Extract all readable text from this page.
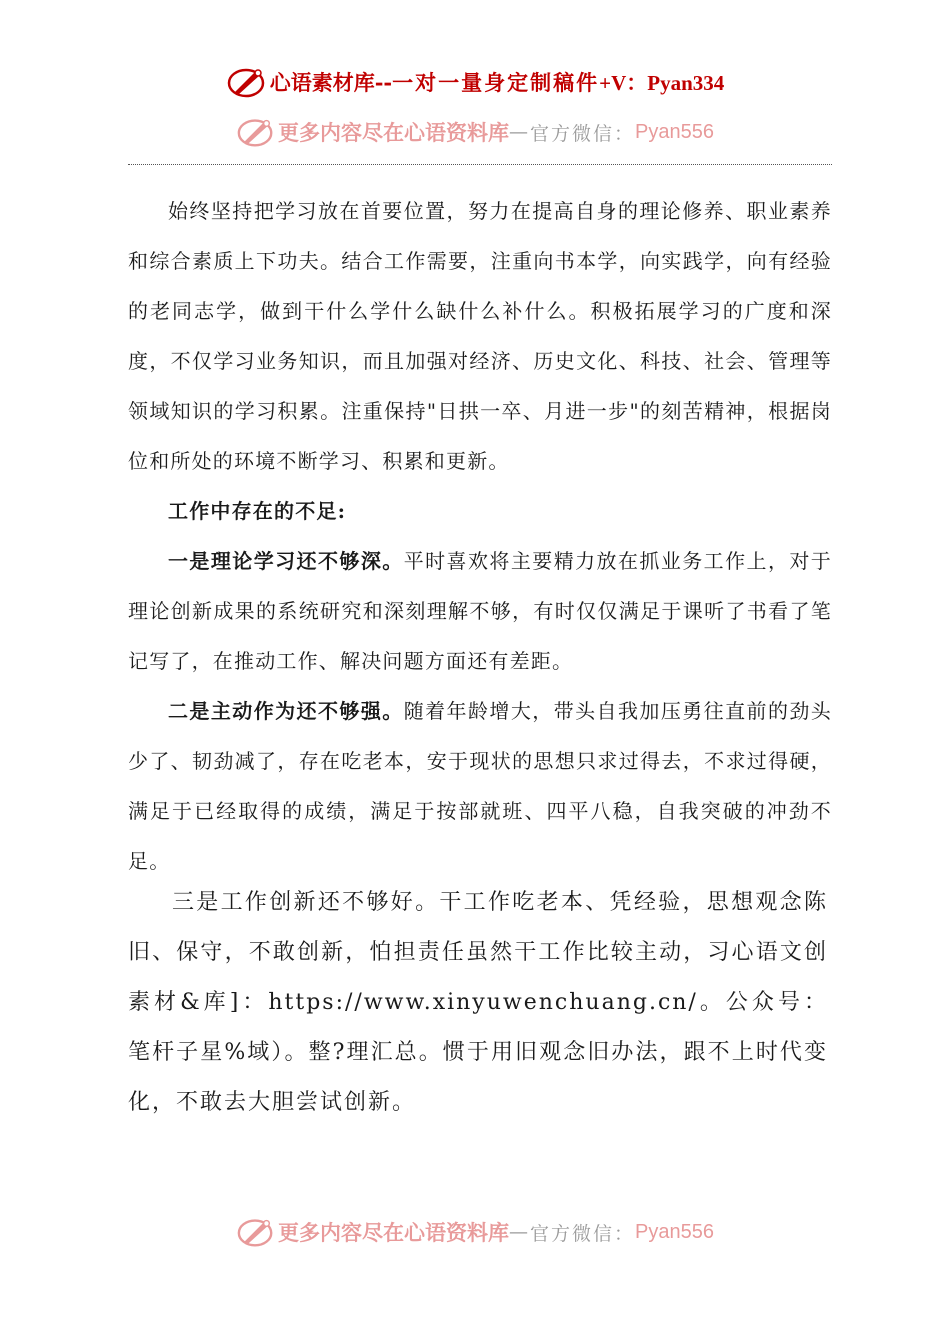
心语素材库 -- 一对一量身定制稿件 +V：Pyan334
更多内容尽在心语资料库 — 官方微信： Pyan556

始终坚持把学习放在首要位置，努力在提高自身的理论修养、职业素养和综合素质上下功夫。结合工作需要，注重向书本学，向实践学，向有经验的老同志学，做到干什么学什么缺什么补什么。积极拓展学习的广度和深度，不仅学习业务知识，而且加强对经济、历史文化、科技、社会、管理等领域知识的学习积累。注重保持"日拱一卒、月进一步"的刻苦精神，根据岗位和所处的环境不断学习、积累和更新。

工作中存在的不足:

一是理论学习还不够深。平时喜欢将主要精力放在抓业务工作上，对于理论创新成果的系统研究和深刻理解不够，有时仅仅满足于课听了书看了笔记写了，在推动工作、解决问题方面还有差距。

二是主动作为还不够强。随着年龄增大，带头自我加压勇往直前的劲头少了、韧劲减了，存在吃老本，安于现状的思想只求过得去，不求过得硬，满足于已经取得的成绩，满足于按部就班、四平八稳，自我突破的冲劲不足。

三是工作创新还不够好。干工作吃老本、凭经验，思想观念陈旧、保守，不敢创新，怕担责任虽然干工作比较主动，习心语文创素材&库]：https://www.xinyuwenchuang.cn/。公众号：笔杆子星%域）。整?理汇总。惯于用旧观念旧办法，跟不上时代变化，不敢去大胆尝试创新。

更多内容尽在心语资料库 — 官方微信： Pyan556
